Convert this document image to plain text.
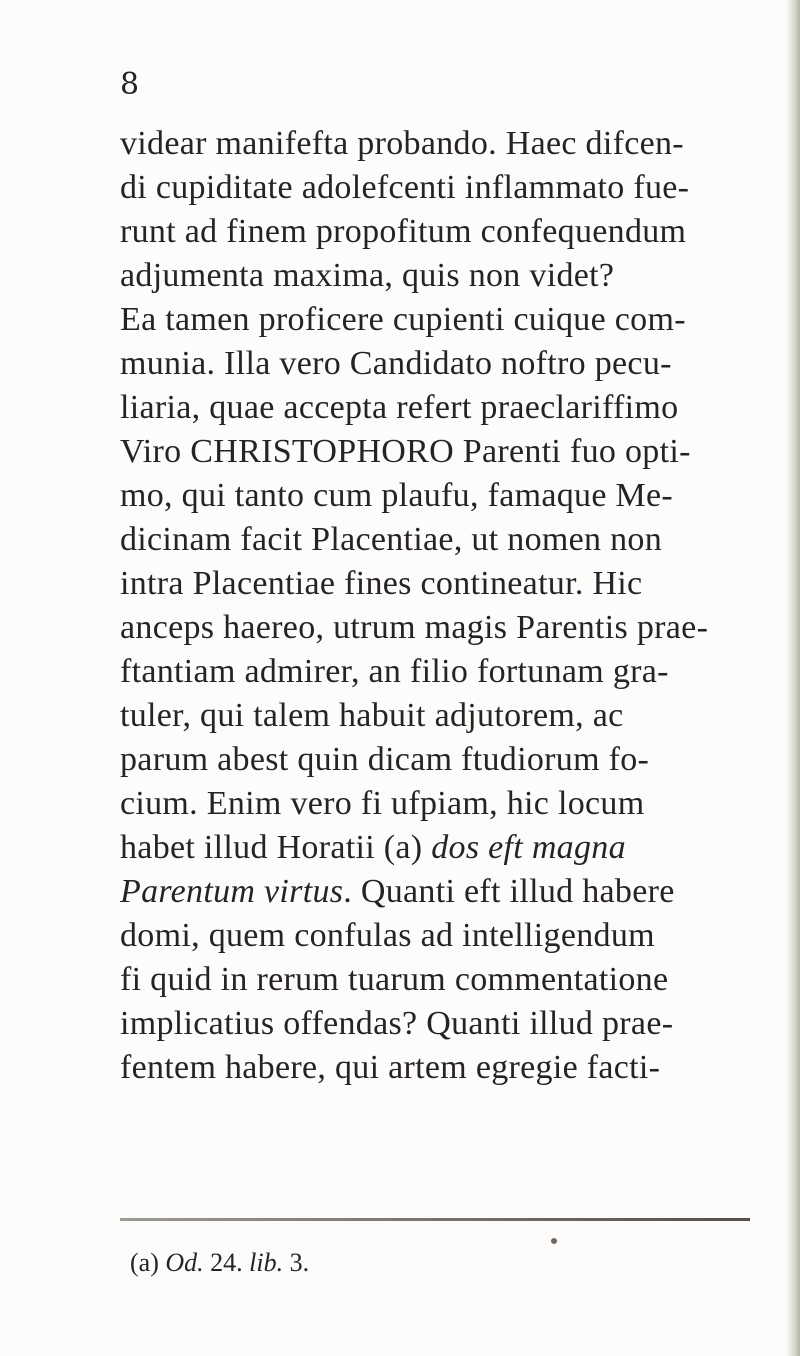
8
videar manifefta probando. Haec difcen-
di cupiditate adolefcenti inflammato fue-
runt ad finem propofitum confequendum
adjumenta maxima, quis non videt?
Ea tamen proficere cupienti cuique com-
munia. Illa vero Candidato noftro pecu-
liaria, quae accepta refert praeclariffimo
Viro CHRISTOPHORO Parenti fuo opti-
mo, qui tanto cum plaufu, famaque Me-
dicinam facit Placentiae, ut nomen non
intra Placentiae fines contineatur. Hic
anceps haereo, utrum magis Parentis prae-
ftantiam admirer, an filio fortunam gra-
tuler, qui talem habuit adjutorem, ac
parum abest quin dicam ftudiorum fo-
cium. Enim vero fi ufpiam, hic locum
habet illud Horatii (a) dos eft magna
Parentum virtus. Quanti eft illud habere
domi, quem confulas ad intelligendum
fi quid in rerum tuarum commentatione
implicatius offendas? Quanti illud prae-
fentem habere, qui artem egregie facti-
(a) Od. 24. lib. 3.
